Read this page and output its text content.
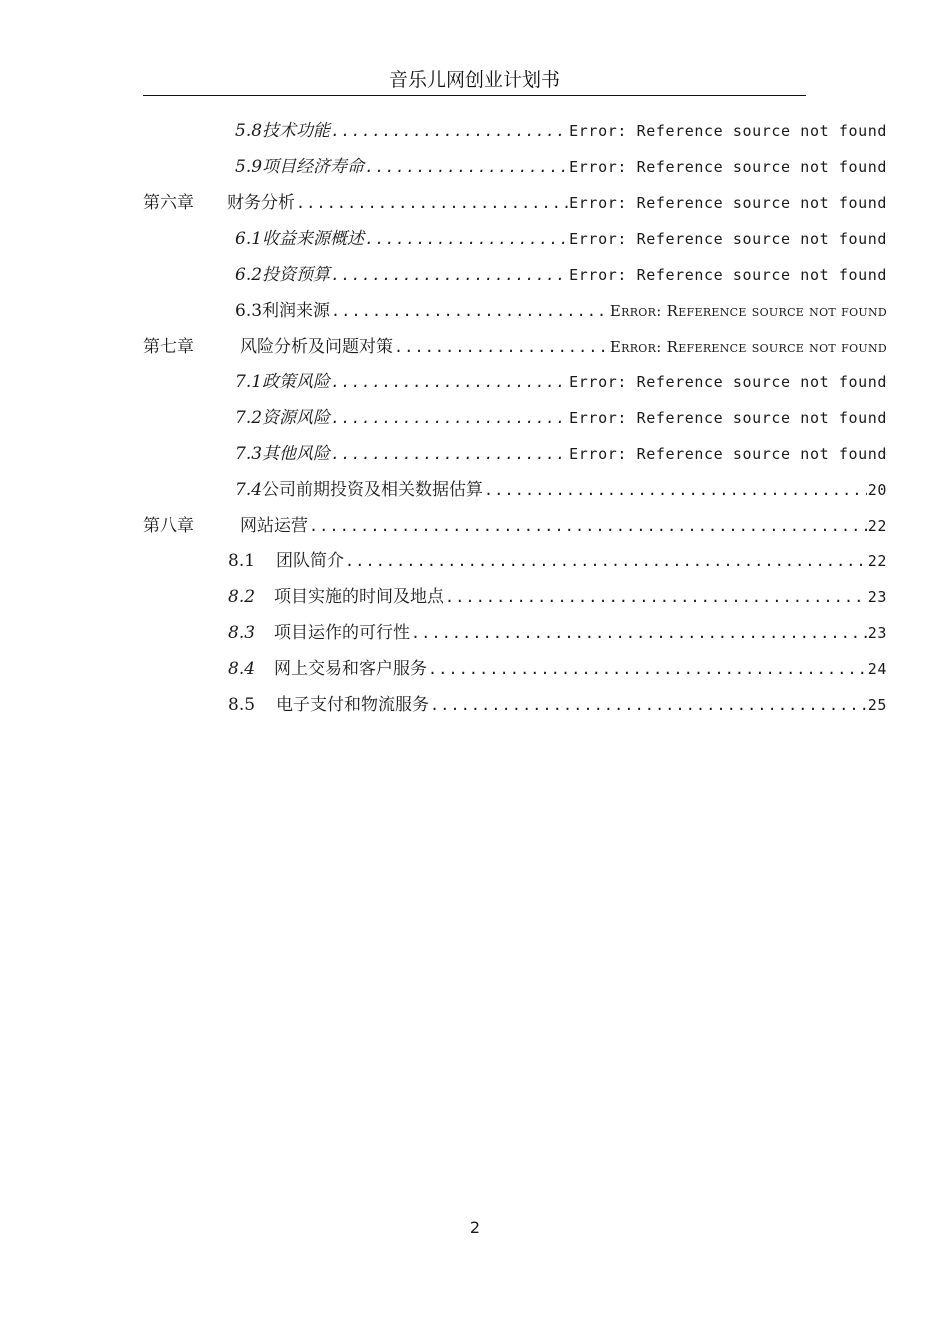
音乐儿网创业计划书
5.8 技术功能 .....	Error: Reference source not found
5.9 项目经济寿命 .....	Error: Reference source not found
第六章	财务分析 .....	Error: Reference source not found
6.1 收益来源概述 .....	Error: Reference source not found
6.2 投资预算 .....	Error: Reference source not found
6.3 利润来源 .....	Error: Reference source not found
第七章	风险分析及问题对策 .....	Error: Reference source not found
7.1 政策风险 .....	Error: Reference source not found
7.2 资源风险 .....	Error: Reference source not found
7.3 其他风险 .....	Error: Reference source not found
7.4 公司前期投资及相关数据估算 .....	20
第八章	网站运营 .....	22
8.1	团队简介 .....	22
8.2	项目实施的时间及地点 .....	23
8.3	项目运作的可行性 .....	23
8.4	网上交易和客户服务 .....	24
8.5	电子支付和物流服务 .....	25
2
